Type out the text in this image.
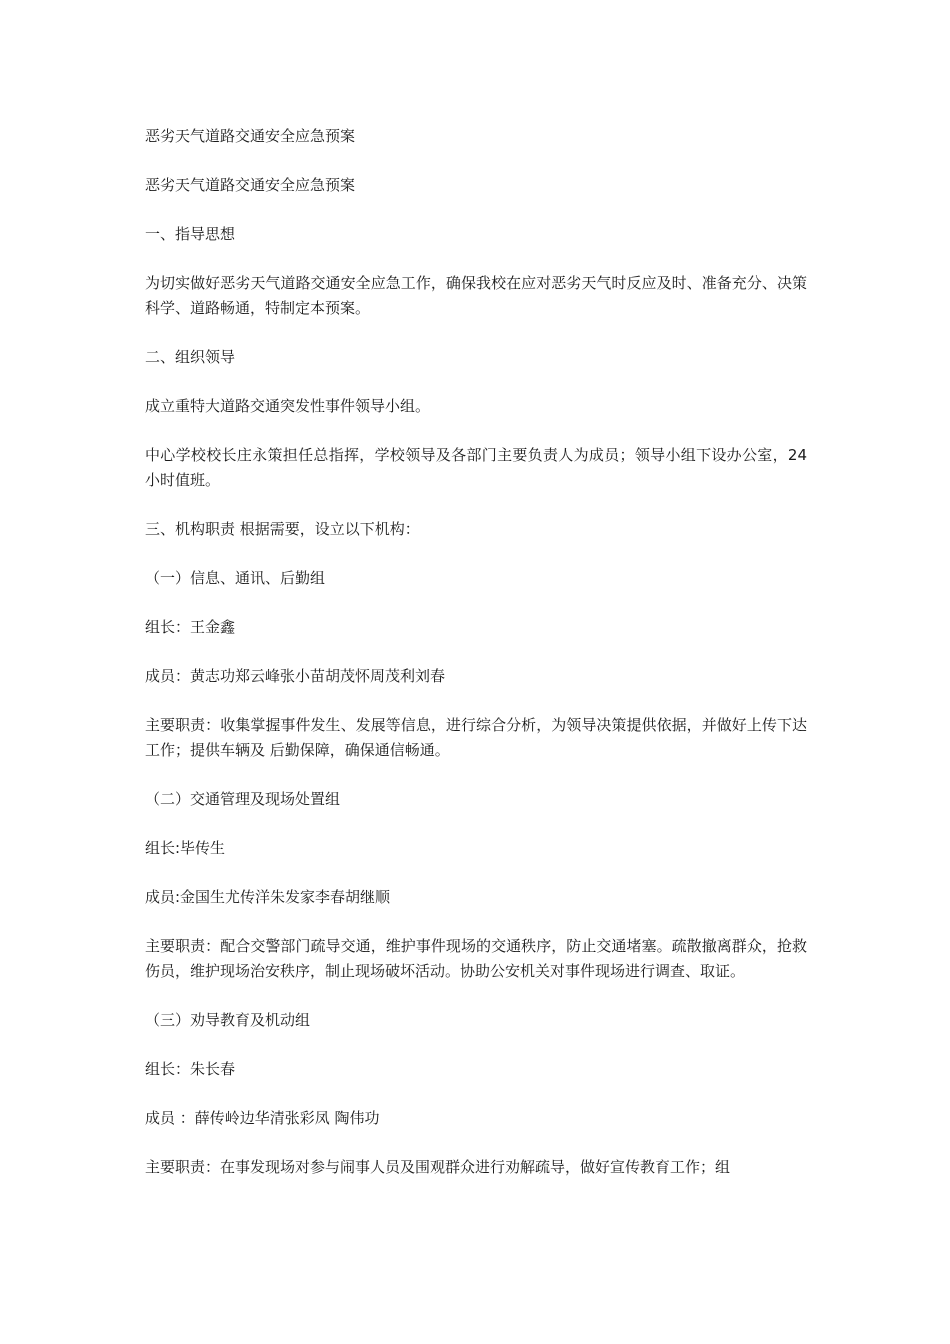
恶劣天气道路交通安全应急预案

恶劣天气道路交通安全应急预案

一、指导思想

为切实做好恶劣天气道路交通安全应急工作，确保我校在应对恶劣天气时反应及时、准备充分、决策科学、道路畅通，特制定本预案。

二、组织领导

成立重特大道路交通突发性事件领导小组。

中心学校校长庄永策担任总指挥，学校领导及各部门主要负责人为成员；领导小组下设办公室，24 小时值班。

三、机构职责 根据需要，设立以下机构：

（一）信息、通讯、后勤组

组长：王金鑫

成员：黄志功郑云峰张小苗胡茂怀周茂利刘春

主要职责：收集掌握事件发生、发展等信息，进行综合分析，为领导决策提供依据，并做好上传下达工作；提供车辆及 后勤保障，确保通信畅通。

（二）交通管理及现场处置组

组长:毕传生

成员:金国生尤传洋朱发家李春胡继顺

主要职责：配合交警部门疏导交通，维护事件现场的交通秩序，防止交通堵塞。疏散撤离群众，抢救伤员，维护现场治安秩序，制止现场破坏活动。协助公安机关对事件现场进行调查、取证。

（三）劝导教育及机动组

组长：朱长春

成员 ：薛传岭边华清张彩凤 陶伟功

主要职责：在事发现场对参与闹事人员及围观群众进行劝解疏导，做好宣传教育工作；组
